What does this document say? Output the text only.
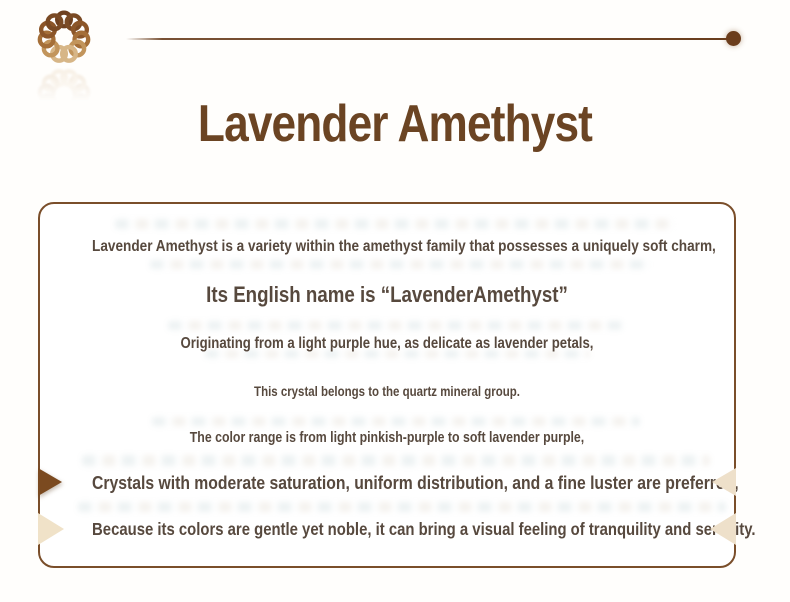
Lavender Amethyst

Lavender Amethyst is a variety within the amethyst family that possesses a uniquely soft charm,

Its English name is “LavenderAmethyst”

Originating from a light purple hue, as delicate as lavender petals,

This crystal belongs to the quartz mineral group.

The color range is from light pinkish-purple to soft lavender purple,

Crystals with moderate saturation, uniform distribution, and a fine luster are preferred,

Because its colors are gentle yet noble, it can bring a visual feeling of tranquility and serenity.
